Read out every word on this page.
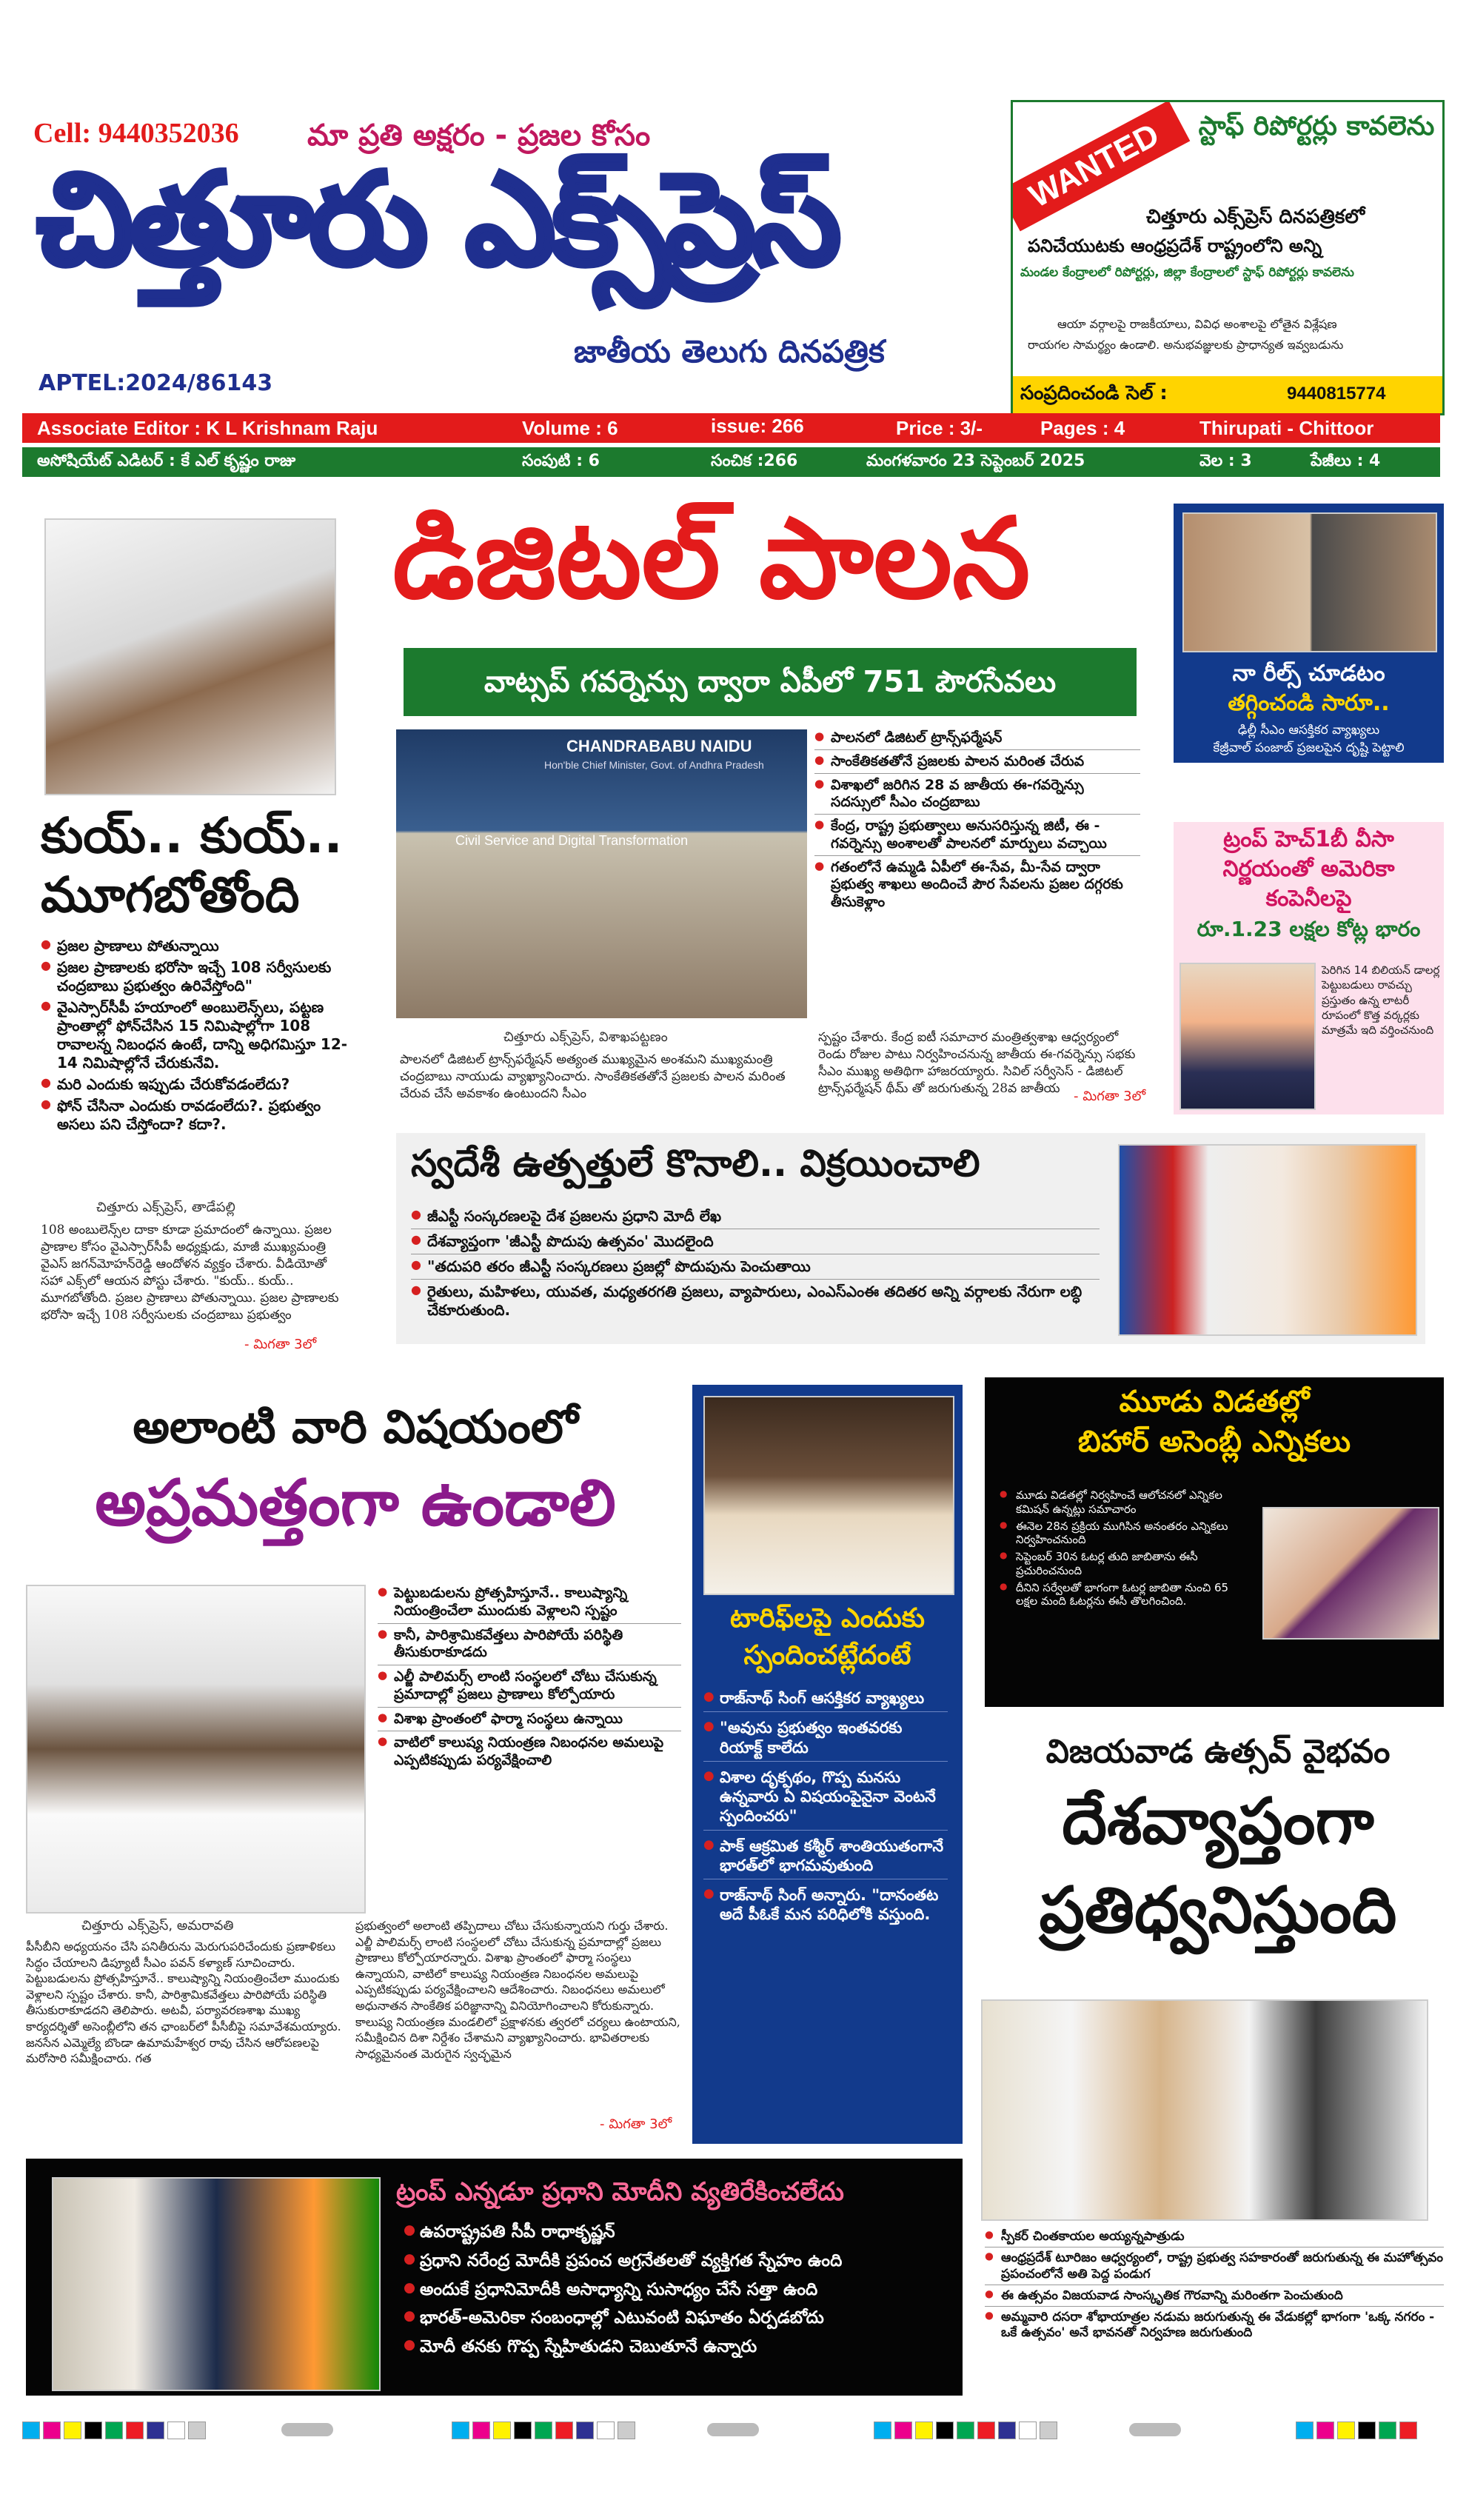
Cell: 9440352036 మా ప్రతి అక్షరం - ప్రజల కోసం
చిత్తూరు ఎక్స్‌ప్రెస్
జాతీయ తెలుగు దినపత్రిక
APTEL:2024/86143
WANTED	స్టాఫ్ రిపోర్టర్లు కావలెను
చిత్తూరు ఎక్స్‌ప్రెస్ దినపత్రికలో
పనిచేయుటకు ఆంధ్రప్రదేశ్ రాష్ట్రంలోని అన్ని
మండల కేంద్రాలలో రిపోర్టర్లు, జిల్లా కేంద్రాలలో స్టాఫ్ రిపోర్టర్లు కావలెను
ఆయా వర్గాలపై రాజకీయాలు, వివిధ అంశాలపై లోతైన విశ్లేషణ
రాయగల సామర్థ్యం ఉండాలి. అనుభవజ్ఞులకు ప్రాధాన్యత ఇవ్వబడును
సంప్రదించండి సెల్ :	9440815774
Associate Editor : K L Krishnam Raju	Volume : 6	issue: 266	Price : 3/-	Pages : 4	Thirupati - Chittoor
అసోషియేట్ ఎడిటర్ : కే ఎల్ కృష్ణం రాజు	సంపుటి : 6	సంచిక :266	మంగళవారం 23 సెప్టెంబర్ 2025	వెల : 3	పేజీలు : 4
కుయ్.. కుయ్..
మూగబోతోంది
● ప్రజల ప్రాణాలు పోతున్నాయి
● ప్రజల ప్రాణాలకు భరోసా ఇచ్చే 108 సర్వీసులకు చంద్రబాబు ప్రభుత్వం ఉరివేస్తోంది"
● వైఎస్సార్‌సీపీ హయాంలో అంబులెన్స్‌లు, పట్టణ ప్రాంతాల్లో ఫోన్‌చేసిన 15 నిమిషాల్లోగా 108 రావాలన్న నిబంధన ఉంటే, దాన్ని అధిగమిస్తూ 12-14 నిమిషాల్లోనే చేరుకునేవి.
● మరి ఎందుకు ఇప్పుడు చేరుకోవడంలేదు?
● ఫోన్ చేసినా ఎందుకు రావడంలేదు?. ప్రభుత్వం అసలు పని చేస్తోందా? కదా?.
చిత్తూరు ఎక్స్‌ప్రెస్, తాడేపల్లి
108 అంబులెన్స్‌ల దాకా కూడా ప్రమాదంలో ఉన్నాయి. ప్రజల ప్రాణాల కోసం వైఎస్సార్‌సీపీ అధ్యక్షుడు, మాజీ ముఖ్యమంత్రి వైఎస్ జగన్‌మోహన్‌రెడ్డి ఆందోళన వ్యక్తం చేశారు. వీడియోతో సహా ఎక్స్‌లో ఆయన పోస్టు చేశారు. "కుయ్.. కుయ్.. మూగబోతోంది. ప్రజల ప్రాణాలు పోతున్నాయి. ప్రజల ప్రాణాలకు భరోసా ఇచ్చే 108 సర్వీసులకు చంద్రబాబు ప్రభుత్వం
- మిగతా 3లో
డిజిటల్ పాలన
వాట్సప్ గవర్నెన్సు ద్వారా ఏపీలో 751 పౌరసేవలు
CHANDRABABU NAIDU
Hon'ble Chief Minister, Govt. of Andhra Pradesh
Civil Service and Digital Transformation
● పాలనలో డిజిటల్ ట్రాన్స్‌ఫర్మేషన్
● సాంకేతికతతోనే ప్రజలకు పాలన మరింత చేరువ
● విశాఖలో జరిగిన 28 వ జాతీయ ఈ-గవర్నెన్సు సదస్సులో సీఎం చంద్రబాబు
● కేంద్ర, రాష్ట్ర ప్రభుత్వాలు అనుసరిస్తున్న జిటీ, ఈ - గవర్నెన్సు అంశాలతో పాలనలో మార్పులు వచ్చాయి
● గతంలోనే ఉమ్మడి ఏపీలో ఈ-సేవ, మీ-సేవ ద్వారా ప్రభుత్వ శాఖలు అందించే పౌర సేవలను ప్రజల దగ్గరకు తీసుకెళ్లాం
చిత్తూరు ఎక్స్‌ప్రెస్, విశాఖపట్టణం
పాలనలో డిజిటల్ ట్రాన్స్‌ఫర్మేషన్ అత్యంత ముఖ్యమైన అంశమని ముఖ్యమంత్రి చంద్రబాబు నాయుడు వ్యాఖ్యానించారు. సాంకేతికతతోనే ప్రజలకు పాలన మరింత చేరువ చేసే అవకాశం ఉంటుందని సీఎం
స్పష్టం చేశారు. కేంద్ర ఐటీ సమాచార మంత్రిత్వశాఖ ఆధ్వర్యంలో రెండు రోజుల పాటు నిర్వహించనున్న జాతీయ ఈ-గవర్నెన్సు సభకు సీఎం ముఖ్య అతిథిగా హాజరయ్యారు. సివిల్ సర్వీసెస్ - డిజిటల్ ట్రాన్స్‌ఫర్మేషన్ థీమ్ తో జరుగుతున్న 28వ జాతీయ
- మిగతా 3లో
నా రీల్స్ చూడటం
తగ్గించండి సారూ..
ఢిల్లీ సీఎం ఆసక్తికర వ్యాఖ్యలు
కేజ్రీవాల్ పంజాబ్ ప్రజలపైన దృష్టి పెట్టాలి
ట్రంప్ హెచ్1బీ వీసా
నిర్ణయంతో అమెరికా
కంపెనీలపై
రూ.1.23 లక్షల కోట్ల భారం
పెరిగిన 14 బిలియన్ డాలర్ల పెట్టుబడులు రావచ్చు ప్రస్తుతం ఉన్న లాటరీ రూపంలో కొత్త వర్కర్లకు మాత్రమే ఇది వర్తించనుంది
స్వదేశీ ఉత్పత్తులే కొనాలి.. విక్రయించాలి
● జీఎస్టీ సంస్కరణలపై దేశ ప్రజలను ప్రధాని మోదీ లేఖ
● దేశవ్యాప్తంగా 'జీఎస్టీ పొదుపు ఉత్సవం' మొదలైంది
● "తదుపరి తరం జీఎస్టీ సంస్కరణలు ప్రజల్లో పొదుపును పెంచుతాయి
● రైతులు, మహిళలు, యువత, మధ్యతరగతి ప్రజలు, వ్యాపారులు, ఎంఎస్ఎంఈ తదితర అన్ని వర్గాలకు నేరుగా లబ్ధి చేకూరుతుంది.
అలాంటి వారి విషయంలో
అప్రమత్తంగా ఉండాలి
● పెట్టుబడులను ప్రోత్సహిస్తూనే.. కాలుష్యాన్ని నియంత్రించేలా ముందుకు వెళ్లాలని స్పష్టం
● కానీ, పారిశ్రామికవేత్తలు పారిపోయే పరిస్థితి తీసుకురాకూడదు
● ఎల్జీ పాలిమర్స్ లాంటి సంస్థలలో చోటు చేసుకున్న ప్రమాదాల్లో ప్రజలు ప్రాణాలు కోల్పోయారు
● విశాఖ ప్రాంతంలో ఫార్మా సంస్థలు ఉన్నాయి
● వాటిలో కాలుష్య నియంత్రణ నిబంధనల అమలుపై ఎప్పటికప్పుడు పర్యవేక్షించాలి
చిత్తూరు ఎక్స్‌ప్రెస్, అమరావతి
పీసీబీని అధ్యయనం చేసి పనితీరును మెరుగుపరిచేందుకు ప్రణాళికలు సిద్ధం చేయాలని డిప్యూటీ సీఎం పవన్ కళ్యాణ్ సూచించారు. పెట్టుబడులను ప్రోత్సహిస్తూనే.. కాలుష్యాన్ని నియంత్రించేలా ముందుకు వెళ్లాలని స్పష్టం చేశారు. కానీ, పారిశ్రామికవేత్తలు పారిపోయే పరిస్థితి తీసుకురాకూడదని తెలిపారు. అటవీ, పర్యావరణశాఖ ముఖ్య కార్యదర్శితో అసెంబ్లీలోని తన ఛాంబర్‌లో పీసీబీపై సమావేశమయ్యారు. జనసేన ఎమ్మెల్యే బొండా ఉమామహేశ్వర రావు చేసిన ఆరోపణలపై మరోసారి సమీక్షించారు. గత
ప్రభుత్వంలో అలాంటి తప్పిదాలు చోటు చేసుకున్నాయని గుర్తు చేశారు. ఎల్జీ పాలిమర్స్ లాంటి సంస్థలలో చోటు చేసుకున్న ప్రమాదాల్లో ప్రజలు ప్రాణాలు కోల్పోయారన్నారు. విశాఖ ప్రాంతంలో ఫార్మా సంస్థలు ఉన్నాయని, వాటిలో కాలుష్య నియంత్రణ నిబంధనల అమలుపై ఎప్పటికప్పుడు పర్యవేక్షించాలని ఆదేశించారు. నిబంధనలు అమలులో అధునాతన సాంకేతిక పరిజ్ఞానాన్ని వినియోగించాలని కోరుకున్నారు. కాలుష్య నియంత్రణ మండలిలో ప్రక్షాళనకు త్వరలో చర్యలు ఉంటాయని, సమీక్షించిన దిశా నిర్దేశం చేశామని వ్యాఖ్యానించారు. భావితరాలకు సాధ్యమైనంత మెరుగైన స్వచ్ఛమైన
- మిగతా 3లో
టారిఫ్‌లపై ఎందుకు
స్పందించట్లేదంటే
● రాజ్‌నాథ్ సింగ్ ఆసక్తికర వ్యాఖ్యలు
● "అవును ప్రభుత్వం ఇంతవరకు రియాక్ట్ కాలేదు
● విశాల దృక్పథం, గొప్ప మనసు ఉన్నవారు ఏ విషయంపైనైనా వెంటనే స్పందించరు"
● పాక్ ఆక్రమిత కశ్మీర్ శాంతియుతంగానే భారత్‌లో భాగమవుతుంది
● రాజ్‌నాథ్ సింగ్ అన్నారు. "దానంతట అదే పీఓకే మన పరిధిలోకి వస్తుంది.
మూడు విడతల్లో
బిహార్ అసెంబ్లీ ఎన్నికలు
● మూడు విడతల్లో నిర్వహించే ఆలోచనలో ఎన్నికల కమిషన్ ఉన్నట్లు సమాచారం
● ఈనెల 28న ప్రక్రియ ముగిసిన అనంతరం ఎన్నికలు నిర్వహించనుంది
● సెప్టెంబర్ 30న ఓటర్ల తుది జాబితాను ఈసీ ప్రచురించనుంది
● దీనిని సర్వేలతో భాగంగా ఓటర్ల జాబితా నుంచి 65 లక్షల మంది ఓటర్లను ఈసీ తొలగించింది.
విజయవాడ ఉత్సవ్ వైభవం
దేశవ్యాప్తంగా
ప్రతిధ్వనిస్తుంది
● స్పీకర్ చింతకాయల అయ్యన్నపాత్రుడు
● ఆంధ్రప్రదేశ్ టూరిజం ఆధ్వర్యంలో, రాష్ట్ర ప్రభుత్వ సహకారంతో జరుగుతున్న ఈ మహోత్సవం ప్రపంచంలోనే అతి పెద్ద పండుగ
● ఈ ఉత్సవం విజయవాడ సాంస్కృతిక గౌరవాన్ని మరింతగా పెంచుతుంది
● అమ్మవారి దసరా శోభాయాత్రల నడుమ జరుగుతున్న ఈ వేడుకల్లో భాగంగా 'ఒక్క నగరం - ఒకే ఉత్సవం' అనే భావనతో నిర్వహణ జరుగుతుంది
ట్రంప్ ఎన్నడూ ప్రధాని మోదీని వ్యతిరేకించలేదు
● ఉపరాష్ట్రపతి సీపీ రాధాకృష్ణన్
● ప్రధాని నరేంద్ర మోదీకి ప్రపంచ అగ్రనేతలతో వ్యక్తిగత స్నేహం ఉంది
● అందుకే ప్రధానిమోదీకి అసాధ్యాన్ని సుసాధ్యం చేసే సత్తా ఉంది
● భారత్-అమెరికా సంబంధాల్లో ఎటువంటి విఘాతం ఏర్పడబోదు
● మోదీ తనకు గొప్ప స్నేహితుడని చెబుతూనే ఉన్నారు
